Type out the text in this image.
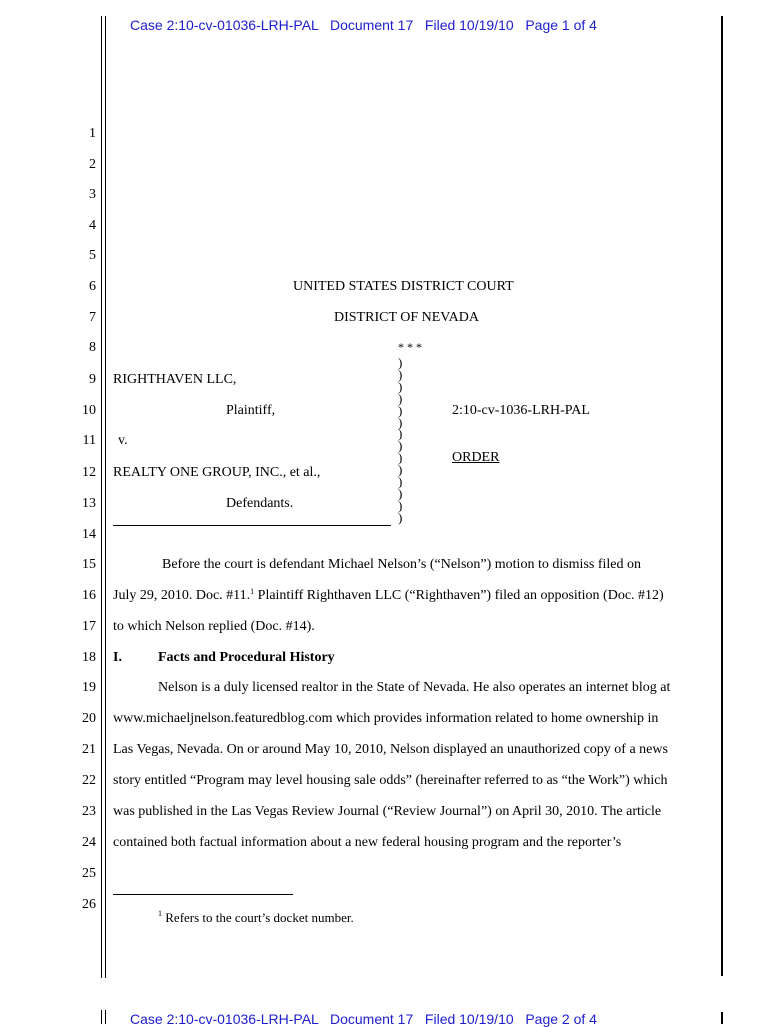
Case 2:10-cv-01036-LRH-PAL   Document 17   Filed 10/19/10   Page 1 of 4
1
2
3
4
5
6
7
8
9
10
11
12
13
14
15
16
17
18
19
20
21
22
23
24
25
26
UNITED STATES DISTRICT COURT
DISTRICT OF NEVADA
* * *
)
)
)
)
)
)
)
)
)
)
)
)
)
)
RIGHTHAVEN LLC,
Plaintiff,
v.
REALTY ONE GROUP, INC., et al.,
Defendants.
2:10-cv-1036-LRH-PAL
ORDER
Before the court is defendant Michael Nelson’s (“Nelson”) motion to dismiss filed on
July 29, 2010. Doc. #11.$^1$ Plaintiff Righthaven LLC (“Righthaven”) filed an opposition (Doc. #12)
to which Nelson replied (Doc. #14).
I.	Facts and Procedural History
Nelson is a duly licensed realtor in the State of Nevada. He also operates an internet blog at
www.michaeljnelson.featuredblog.com which provides information related to home ownership in
Las Vegas, Nevada. On or around May 10, 2010, Nelson displayed an unauthorized copy of a news
story entitled “Program may level housing sale odds” (hereinafter referred to as “the Work”) which
was published in the Las Vegas Review Journal (“Review Journal”) on April 30, 2010. The article
contained both factual information about a new federal housing program and the reporter’s
$^1$ Refers to the court’s docket number.
Case 2:10-cv-01036-LRH-PAL   Document 17   Filed 10/19/10   Page 2 of 4
